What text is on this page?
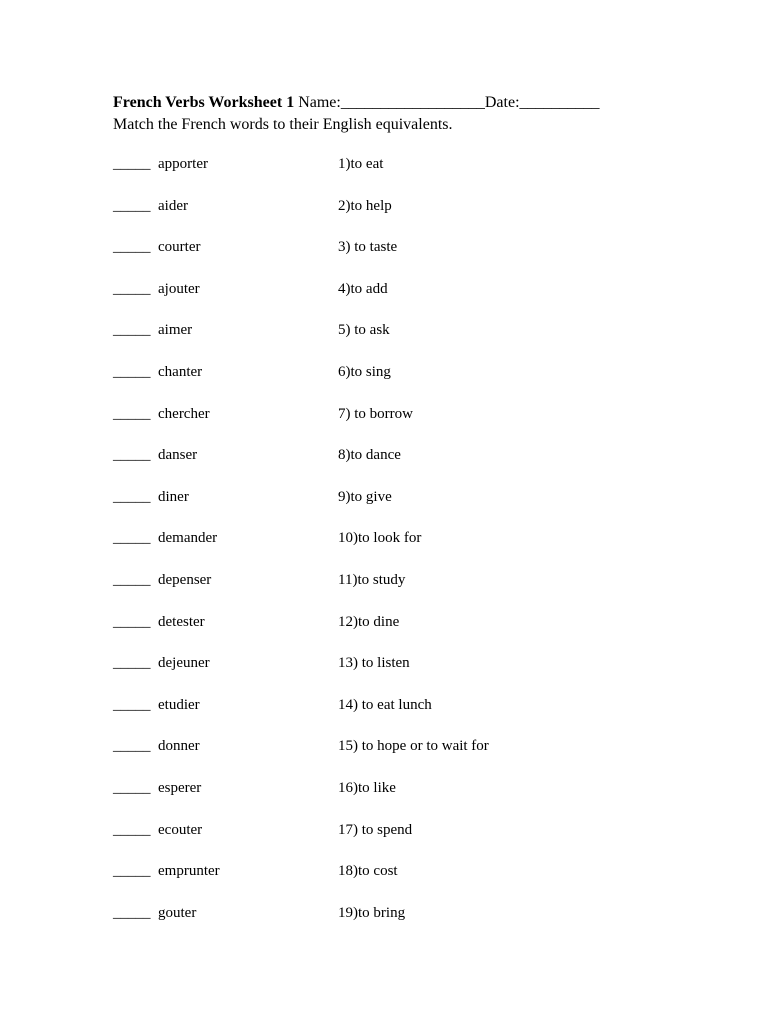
French Verbs Worksheet 1 Name:__________________Date:__________
Match the French words to their English equivalents.
_____ apporter	1)to eat
_____ aider	2)to help
_____ courter	3) to taste
_____ ajouter	4)to add
_____ aimer	5) to ask
_____ chanter	6)to sing
_____ chercher	7) to borrow
_____ danser	8)to dance
_____ diner	9)to give
_____ demander	10)to look for
_____ depenser	11)to study
_____ detester	12)to dine
_____ dejeuner	13) to listen
_____ etudier	14) to eat lunch
_____ donner	15) to hope or to wait for
_____ esperer	16)to like
_____ ecouter	17) to spend
_____ emprunter	18)to cost
_____ gouter	19)to bring
